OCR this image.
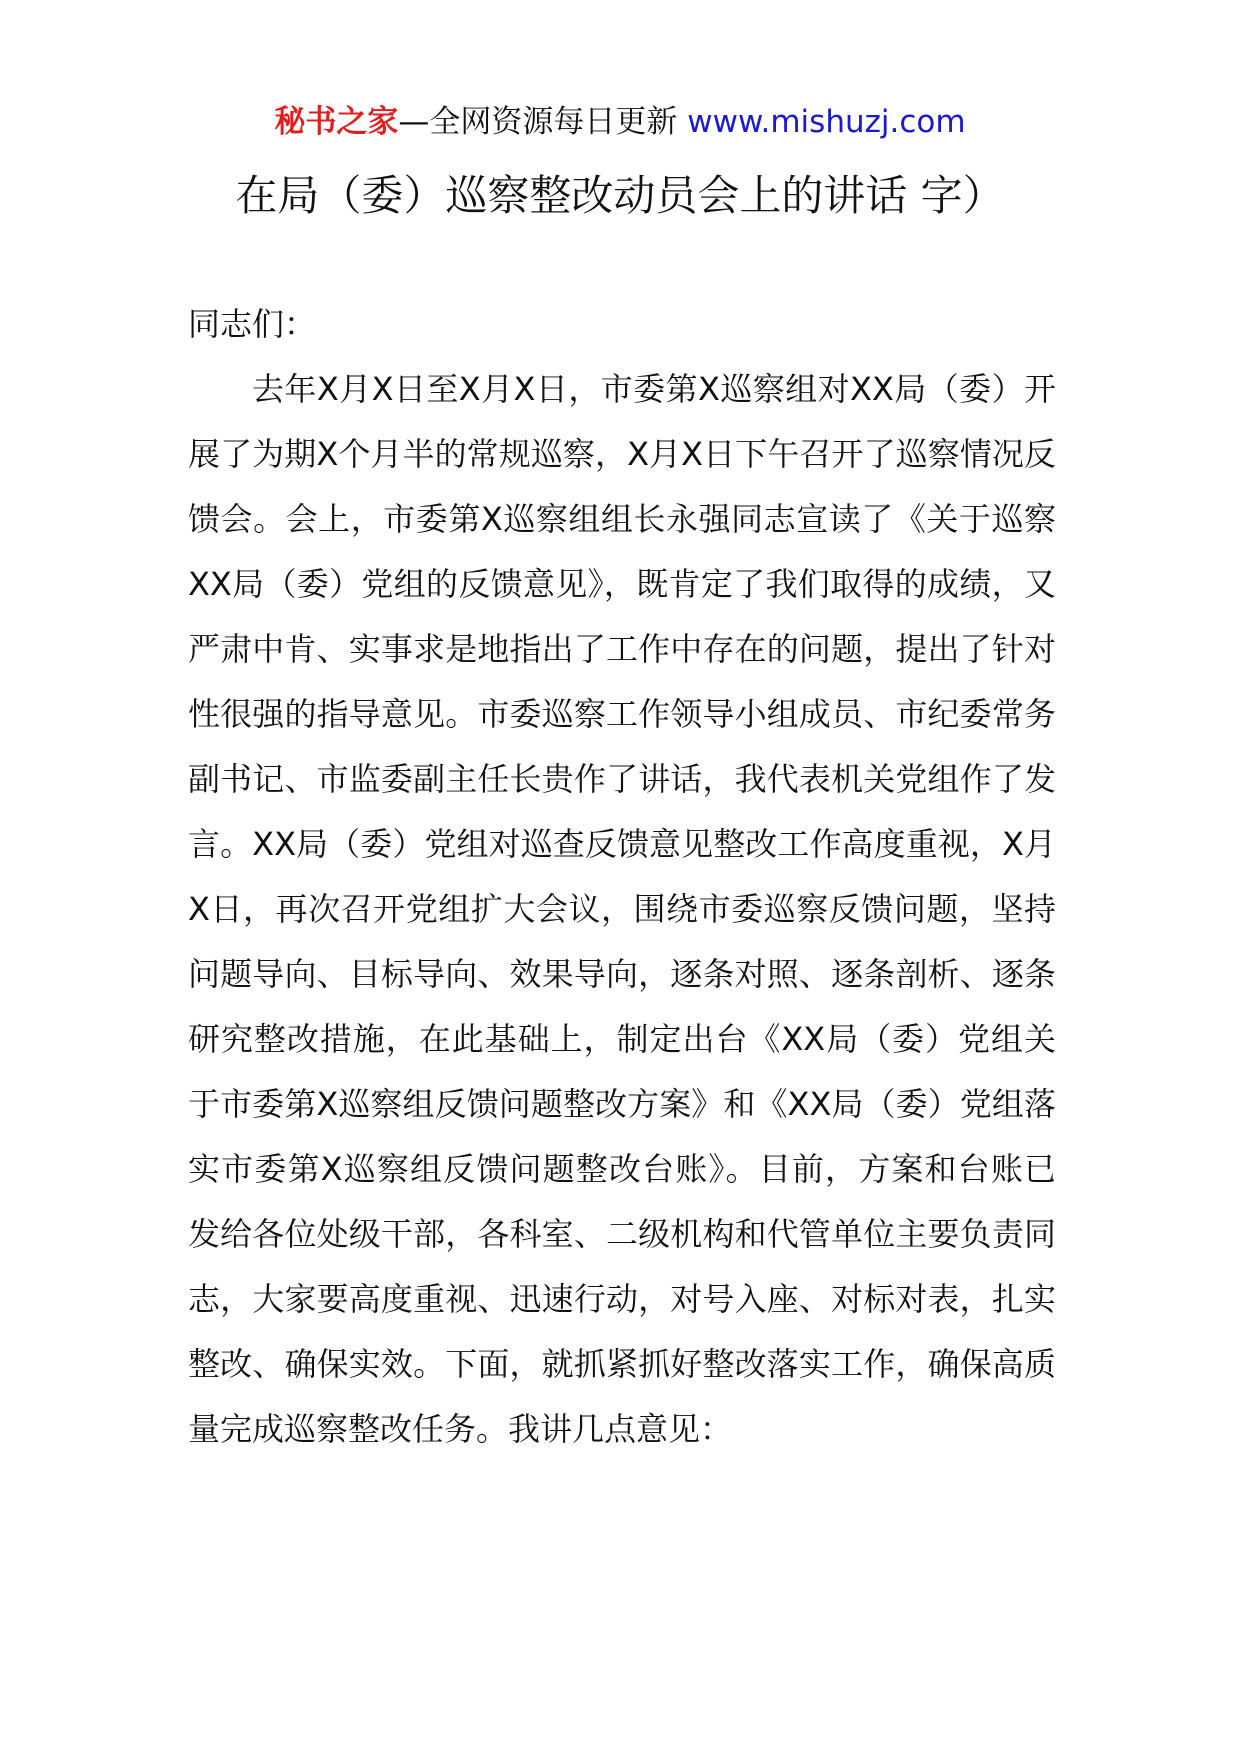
秘书之家—全网资源每日更新 www.mishuzj.com
在局（委）巡察整改动员会上的讲话 字）

同志们：

去年X月X日至X月X日，市委第X巡察组对XX局（委）开展了为期X个月半的常规巡察，X月X日下午召开了巡察情况反馈会。会上，市委第X巡察组组长永强同志宣读了《关于巡察XX局（委）党组的反馈意见》，既肯定了我们取得的成绩，又严肃中肯、实事求是地指出了工作中存在的问题，提出了针对性很强的指导意见。市委巡察工作领导小组成员、市纪委常务副书记、市监委副主任长贵作了讲话，我代表机关党组作了发言。XX局（委）党组对巡查反馈意见整改工作高度重视，X月X日，再次召开党组扩大会议，围绕市委巡察反馈问题，坚持问题导向、目标导向、效果导向，逐条对照、逐条剖析、逐条研究整改措施，在此基础上，制定出台《XX局（委）党组关于市委第X巡察组反馈问题整改方案》和《XX局（委）党组落实市委第X巡察组反馈问题整改台账》。目前，方案和台账已发给各位处级干部，各科室、二级机构和代管单位主要负责同志，大家要高度重视、迅速行动，对号入座、对标对表，扎实整改、确保实效。下面，就抓紧抓好整改落实工作，确保高质量完成巡察整改任务。我讲几点意见：
